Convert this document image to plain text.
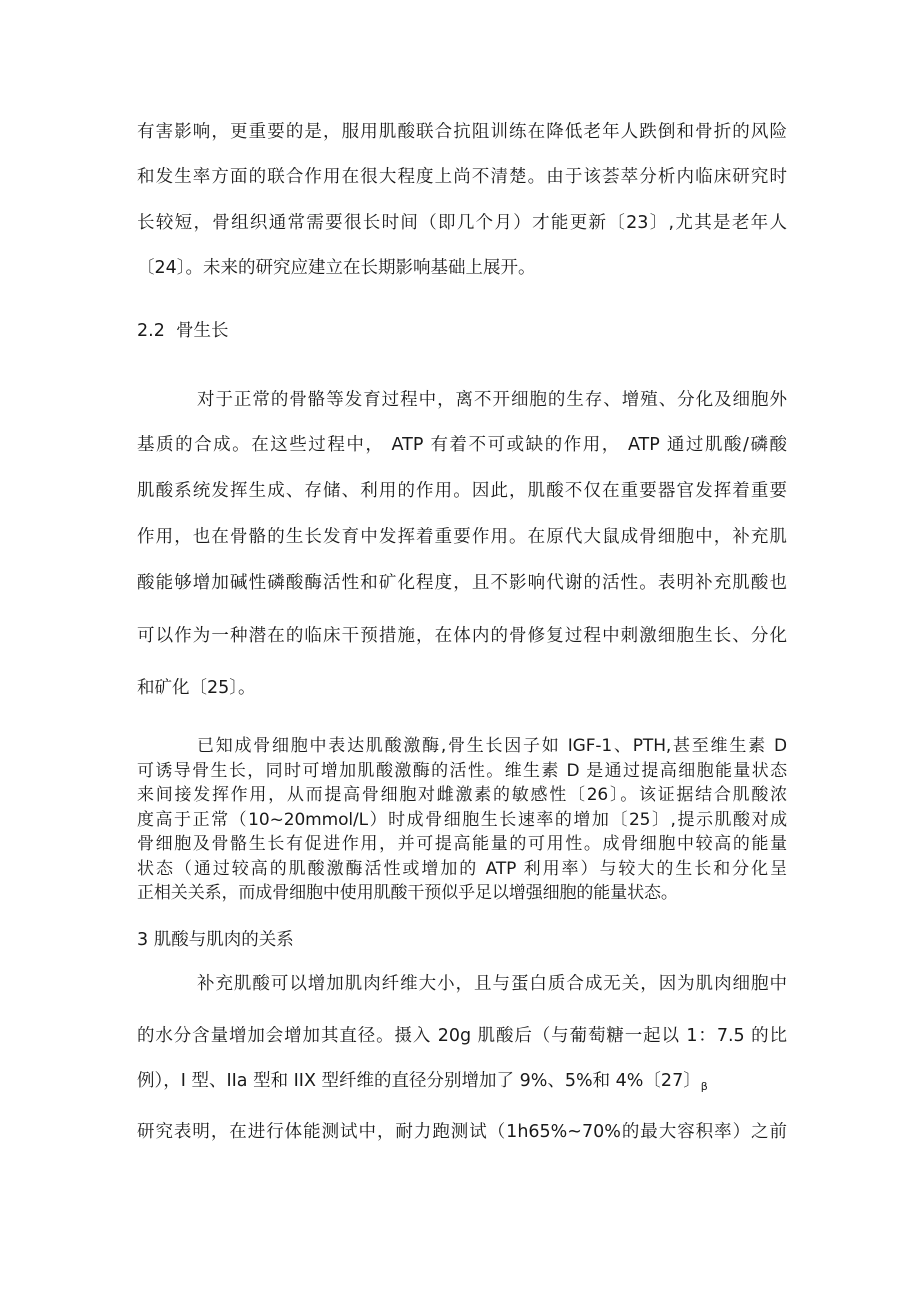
有害影响，更重要的是，服用肌酸联合抗阻训练在降低老年人跌倒和骨折的风险
和发生率方面的联合作用在很大程度上尚不清楚。由于该荟萃分析内临床研究时
长较短，骨组织通常需要很长时间（即几个月）才能更新〔23〕,尤其是老年人
〔24〕。未来的研究应建立在长期影响基础上展开。
2.2  骨生长
对于正常的骨骼等发育过程中，离不开细胞的生存、增殖、分化及细胞外
基质的合成。在这些过程中， ATP 有着不可或缺的作用， ATP 通过肌酸/磷酸
肌酸系统发挥生成、存储、利用的作用。因此，肌酸不仅在重要器官发挥着重要
作用，也在骨骼的生长发育中发挥着重要作用。在原代大鼠成骨细胞中，补充肌
酸能够增加碱性磷酸酶活性和矿化程度，且不影响代谢的活性。表明补充肌酸也
可以作为一种潜在的临床干预措施，在体内的骨修复过程中刺激细胞生长、分化
和矿化〔25〕。
已知成骨细胞中表达肌酸激酶,骨生长因子如 IGF-1、PTH,甚至维生素 D
可诱导骨生长，同时可增加肌酸激酶的活性。维生素 D 是通过提高细胞能量状态
来间接发挥作用，从而提高骨细胞对雌激素的敏感性〔26〕。该证据结合肌酸浓
度高于正常（10~20mmol/L）时成骨细胞生长速率的增加〔25〕,提示肌酸对成
骨细胞及骨骼生长有促进作用，并可提高能量的可用性。成骨细胞中较高的能量
状态（通过较高的肌酸激酶活性或增加的 ATP 利用率）与较大的生长和分化呈
正相关关系，而成骨细胞中使用肌酸干预似乎足以增强细胞的能量状态。
3 肌酸与肌肉的关系
补充肌酸可以增加肌肉纤维大小，且与蛋白质合成无关，因为肌肉细胞中
的水分含量增加会增加其直径。摄入 20g 肌酸后（与葡萄糖一起以 1：7.5 的比
例），I 型、IIa 型和 IIX 型纤维的直径分别增加了 9%、5%和 4%〔27〕$_\beta$
研究表明，在进行体能测试中，耐力跑测试（1h65%~70%的最大容积率）之前
